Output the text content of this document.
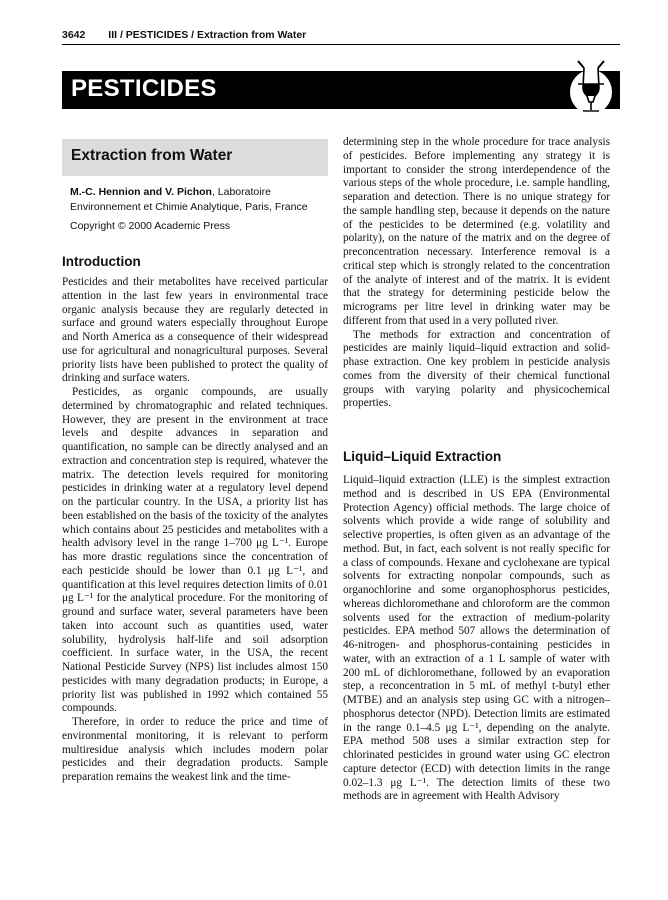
3642 III / PESTICIDES / Extraction from Water
PESTICIDES
Extraction from Water
M.-C. Hennion and V. Pichon, Laboratoire Environnement et Chimie Analytique, Paris, France
Copyright © 2000 Academic Press
Introduction

Pesticides and their metabolites have received particular attention in the last few years in environmental trace organic analysis because they are regularly detected in surface and ground waters especially throughout Europe and North America as a consequence of their widespread use for agricultural and nonagricultural purposes. Several priority lists have been published to protect the quality of drinking and surface waters.

Pesticides, as organic compounds, are usually determined by chromatographic and related techniques. However, they are present in the environment at trace levels and despite advances in separation and quantification, no sample can be directly analysed and an extraction and concentration step is required, whatever the matrix. The detection levels required for monitoring pesticides in drinking water at a regulatory level depend on the particular country. In the USA, a priority list has been established on the basis of the toxicity of the analytes which contains about 25 pesticides and metabolites with a health advisory level in the range 1–700 μg L⁻¹. Europe has more drastic regulations since the concentration of each pesticide should be lower than 0.1 μg L⁻¹, and quantification at this level requires detection limits of 0.01 μg L⁻¹ for the analytical procedure. For the monitoring of ground and surface water, several parameters have been taken into account such as quantities used, water solubility, hydrolysis half-life and soil adsorption coefficient. In surface water, in the USA, the recent National Pesticide Survey (NPS) list includes almost 150 pesticides with many degradation products; in Europe, a priority list was published in 1992 which contained 55 compounds.

Therefore, in order to reduce the price and time of environmental monitoring, it is relevant to perform multiresidue analysis which includes modern polar pesticides and their degradation products. Sample preparation remains the weakest link and the time-

determining step in the whole procedure for trace analysis of pesticides. Before implementing any strategy it is important to consider the strong interdependence of the various steps of the whole procedure, i.e. sample handling, separation and detection. There is no unique strategy for the sample handling step, because it depends on the nature of the pesticides to be determined (e.g. volatility and polarity), on the nature of the matrix and on the degree of preconcentration necessary. Interference removal is a critical step which is strongly related to the concentration of the analyte of interest and of the matrix. It is evident that the strategy for determining pesticide below the micrograms per litre level in drinking water may be different from that used in a very polluted river.

The methods for extraction and concentration of pesticides are mainly liquid–liquid extraction and solid-phase extraction. One key problem in pesticide analysis comes from the diversity of their chemical functional groups with varying polarity and physicochemical properties.

Liquid–Liquid Extraction

Liquid–liquid extraction (LLE) is the simplest extraction method and is described in US EPA (Environmental Protection Agency) official methods. The large choice of solvents which provide a wide range of solubility and selective properties, is often given as an advantage of the method. But, in fact, each solvent is not really specific for a class of compounds. Hexane and cyclohexane are typical solvents for extracting nonpolar compounds, such as organochlorine and some organophosphorus pesticides, whereas dichloromethane and chloroform are the common solvents used for the extraction of medium-polarity pesticides. EPA method 507 allows the determination of 46-nitrogen- and phosphorus-containing pesticides in water, with an extraction of a 1 L sample of water with 200 mL of dichloromethane, followed by an evaporation step, a reconcentration in 5 mL of methyl t-butyl ether (MTBE) and an analysis step using GC with a nitrogen–phosphorus detector (NPD). Detection limits are estimated in the range 0.1–4.5 μg L⁻¹, depending on the analyte. EPA method 508 uses a similar extraction step for chlorinated pesticides in ground water using GC electron capture detector (ECD) with detection limits in the range 0.02–1.3 μg L⁻¹. The detection limits of these two methods are in agreement with Health Advisory
